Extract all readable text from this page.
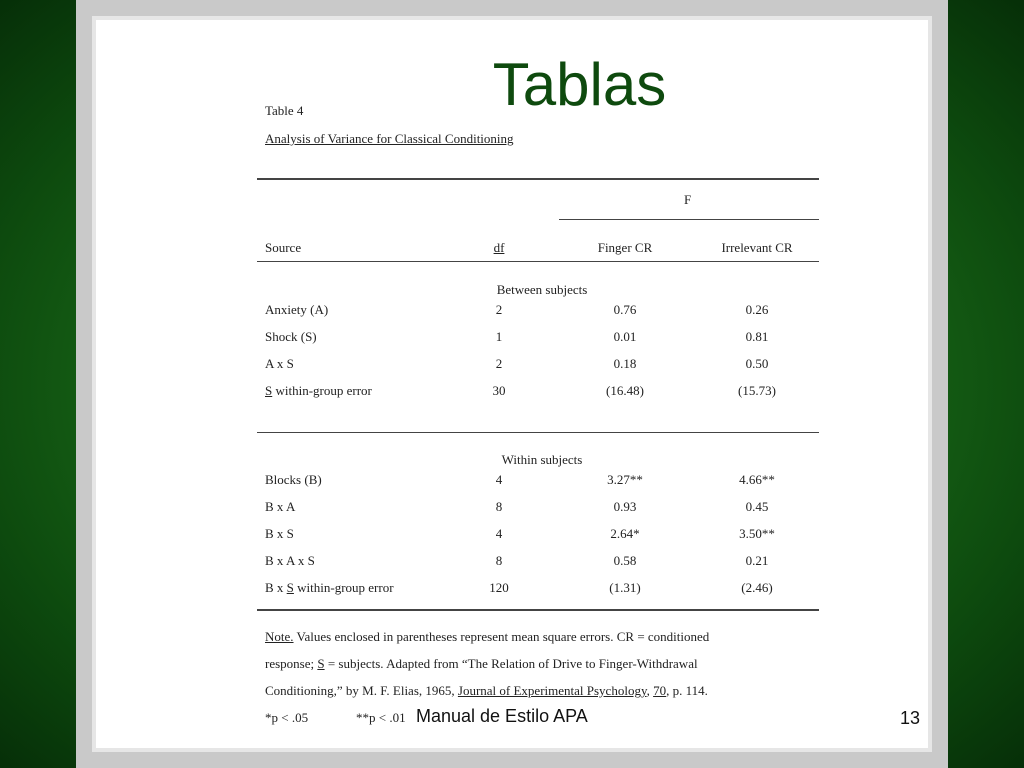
Tablas
Table 4
Analysis of Variance for Classical Conditioning
F
Source	df	Finger CR	Irrelevant CR
Between subjects
Anxiety (A)	2	0.76	0.26
Shock (S)	1	0.01	0.81
A x S	2	0.18	0.50
S within-group error	30	(16.48)	(15.73)
Within subjects
Blocks (B)	4	3.27**	4.66**
B x A	8	0.93	0.45
B x S	4	2.64*	3.50**
B x A x S	8	0.58	0.21
B x S within-group error	120	(1.31)	(2.46)
Note. Values enclosed in parentheses represent mean square errors. CR = conditioned
response; S = subjects. Adapted from “The Relation of Drive to Finger-Withdrawal
Conditioning,” by M. F. Elias, 1965, Journal of Experimental Psychology, 70, p. 114.
*p < .05	**p < .01 Manual de Estilo APA	13
